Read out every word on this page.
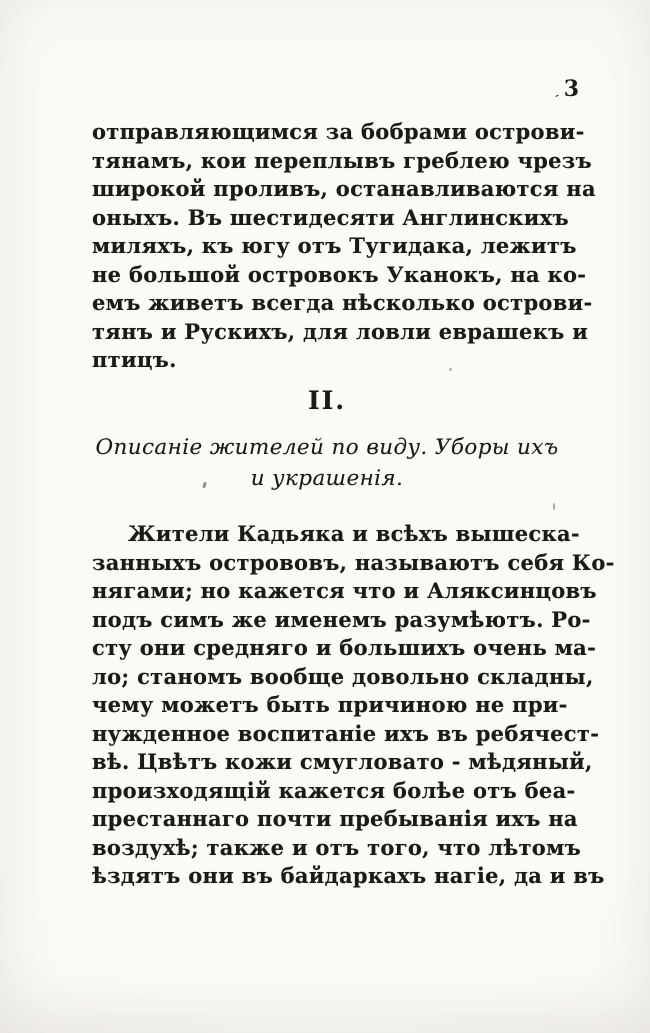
ˏ 3
отправляющимся за бобрами острови-
тянамъ, кои переплывъ греблею чрезъ
широкой проливъ, останавливаются на
оныхъ. Въ шестидесяти Англинскихъ
миляхъ, къ югу отъ Тугидака, лежитъ
не большой островокъ Уканокъ, на ко-
емъ живетъ всегда нѣсколько острови-
тянъ и Рускихъ, для ловли еврашекъ и
птицъ.
II.
Описаніе жителей по виду. Уборы ихъ
и украшенія.
Жители Кадьяка и всѣхъ вышеска-
занныхъ острововъ, называютъ себя Ко-
нягами; но кажется что и Аляксинцовъ
подъ симъ же именемъ разумѣютъ. Ро-
сту они средняго и большихъ очень ма-
ло; станомъ вообще довольно складны,
чему можетъ быть причиною не при-
нужденное воспитаніе ихъ въ ребячест-
вѣ. Цвѣтъ кожи смугловато - мѣдяный,
произходящій кажется болѣе отъ беа-
престаннаго почти пребыванія ихъ на
воздухѣ; также и отъ того, что лѣтомъ
ѣздятъ они въ байдаркахъ нагіе, да и въ
